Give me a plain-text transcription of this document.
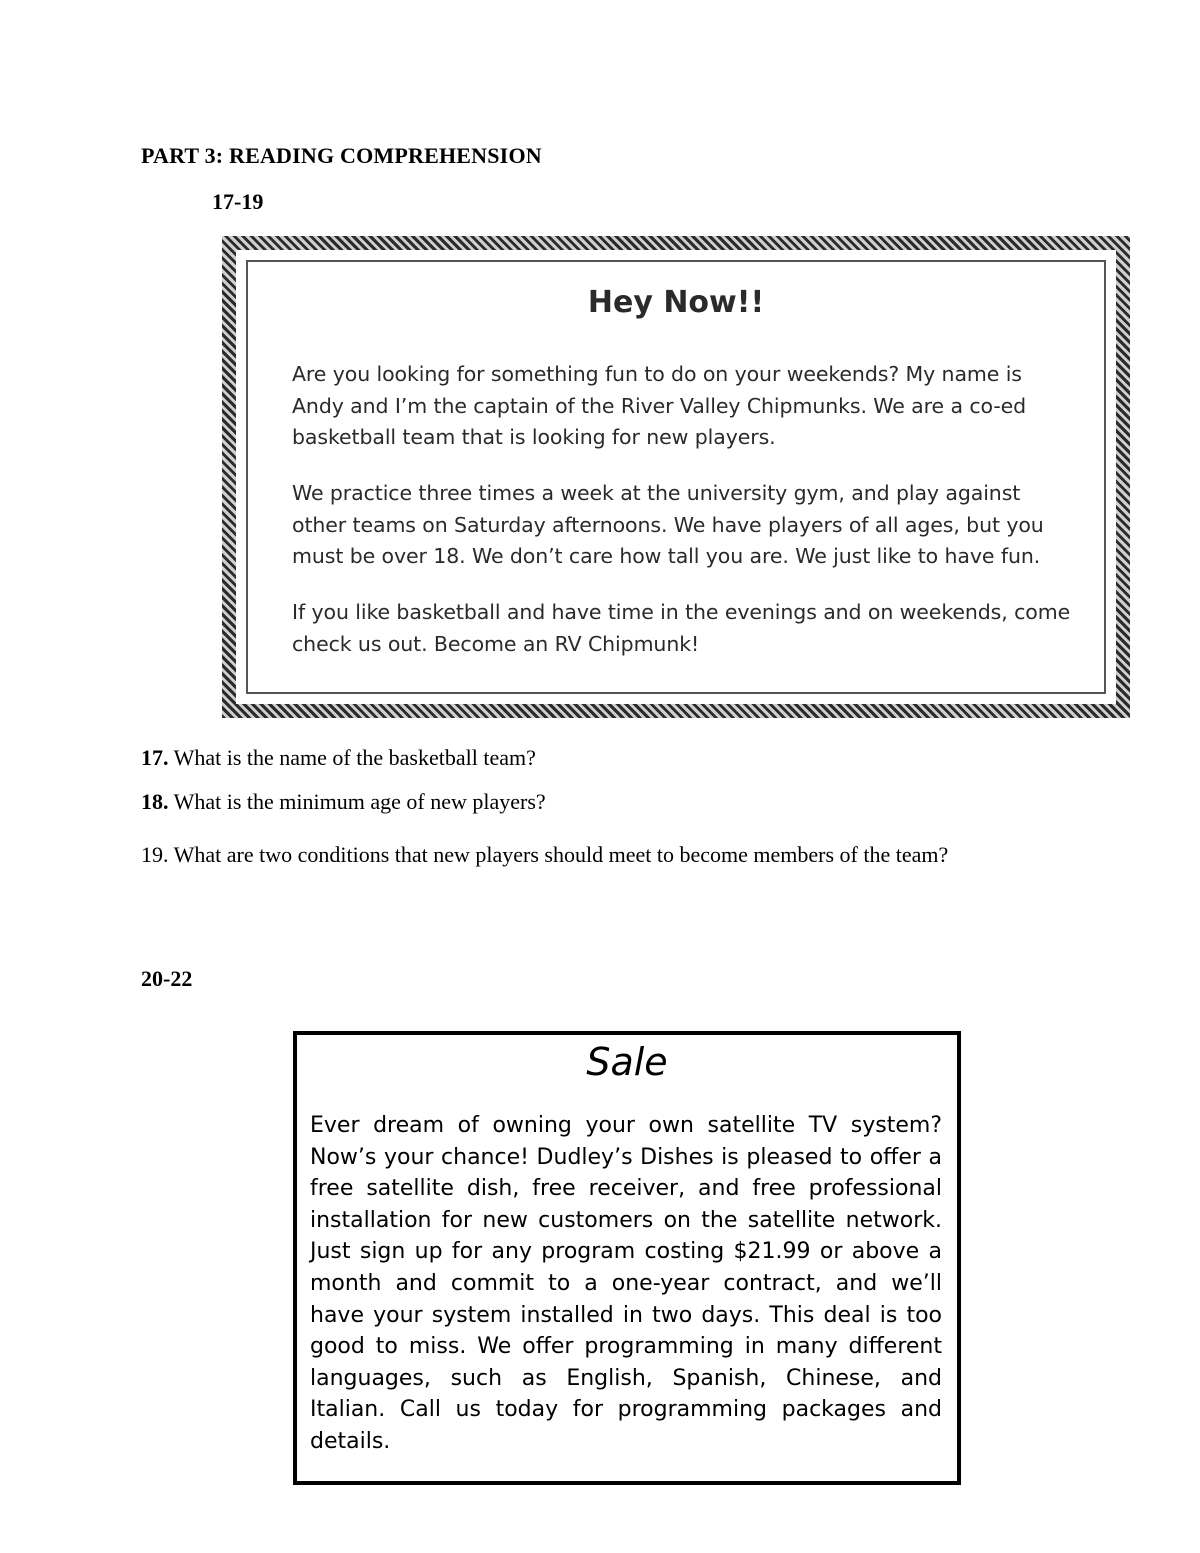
PART 3: READING COMPREHENSION
17-19
Hey Now!!
Are you looking for something fun to do on your weekends? My name is Andy and I’m the captain of the River Valley Chipmunks. We are a co-ed basketball team that is looking for new players.
We practice three times a week at the university gym, and play against other teams on Saturday afternoons. We have players of all ages, but you must be over 18. We don’t care how tall you are. We just like to have fun.
If you like basketball and have time in the evenings and on weekends, come check us out. Become an RV Chipmunk!
17. What is the name of the basketball team?
18. What is the minimum age of new players?
19. What are two conditions that new players should meet to become members of the team?
20-22
Sale
Ever dream of owning your own satellite TV system? Now’s your chance! Dudley’s Dishes is pleased to offer a free satellite dish, free receiver, and free professional installation for new customers on the satellite network. Just sign up for any program costing $21.99 or above a month and commit to a one-year contract, and we’ll have your system installed in two days. This deal is too good to miss. We offer programming in many different languages, such as English, Spanish, Chinese, and Italian. Call us today for programming packages and details.
